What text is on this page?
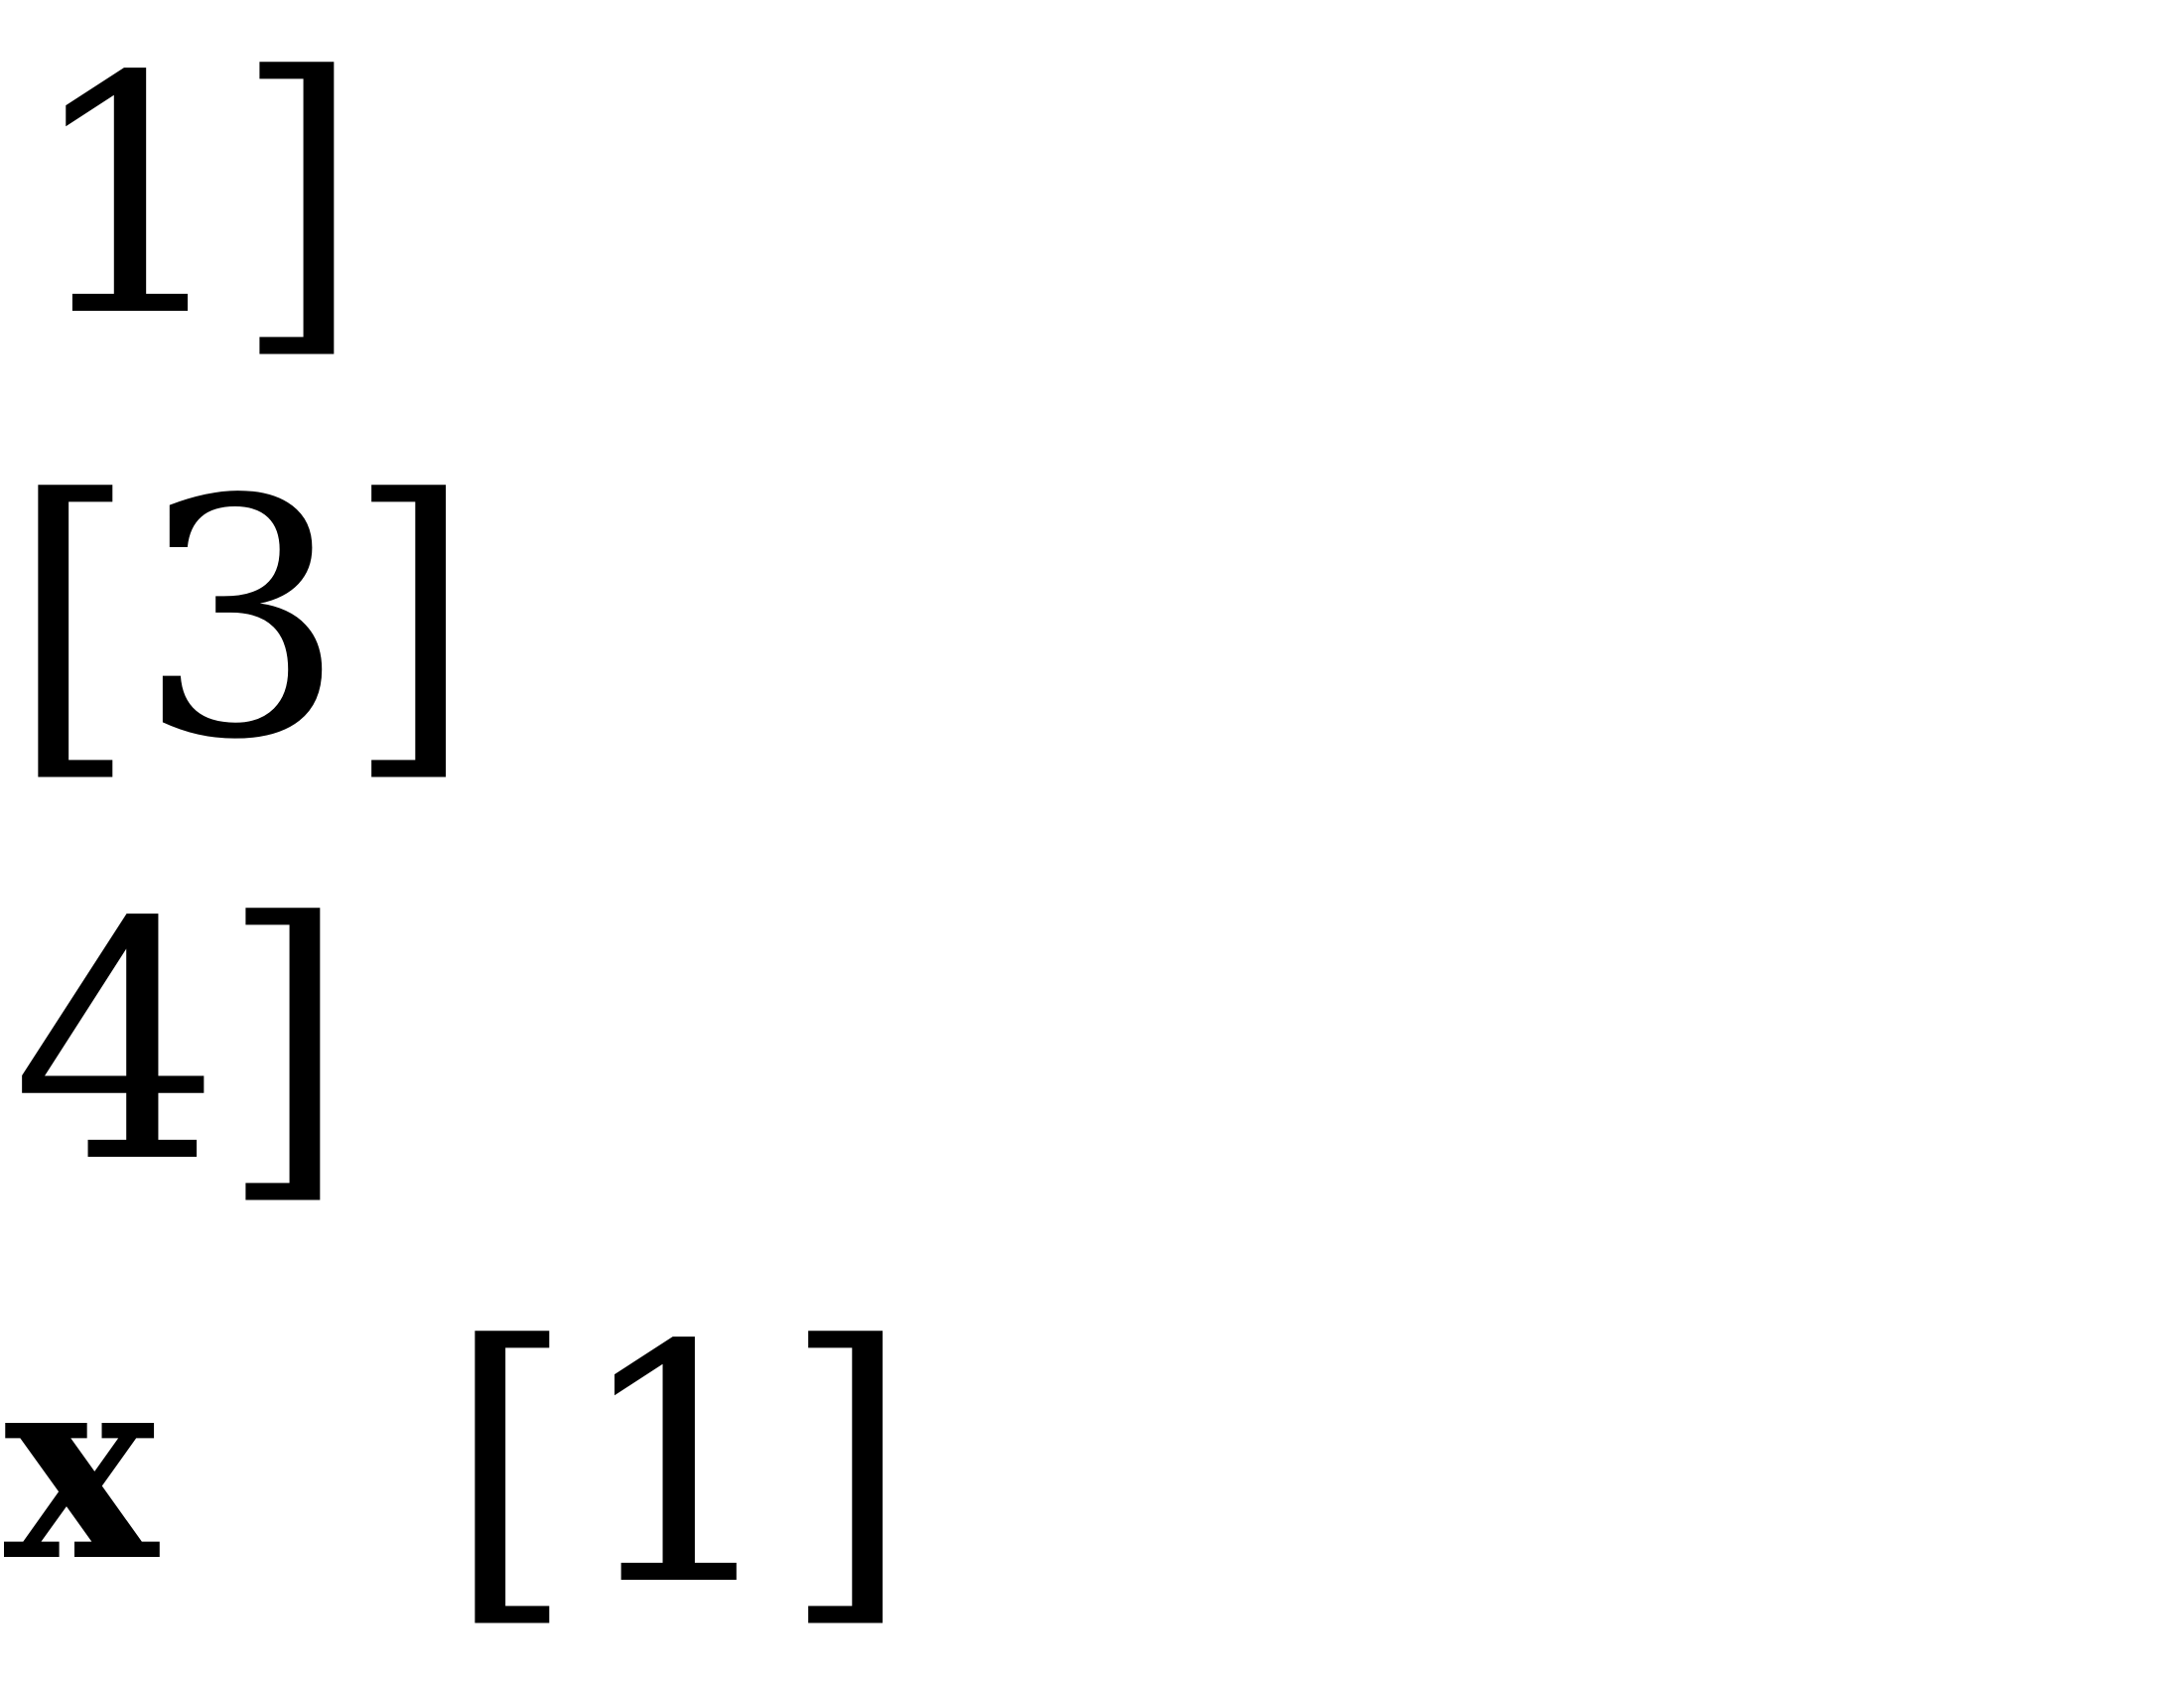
1]
[3]
4]
x [1]
